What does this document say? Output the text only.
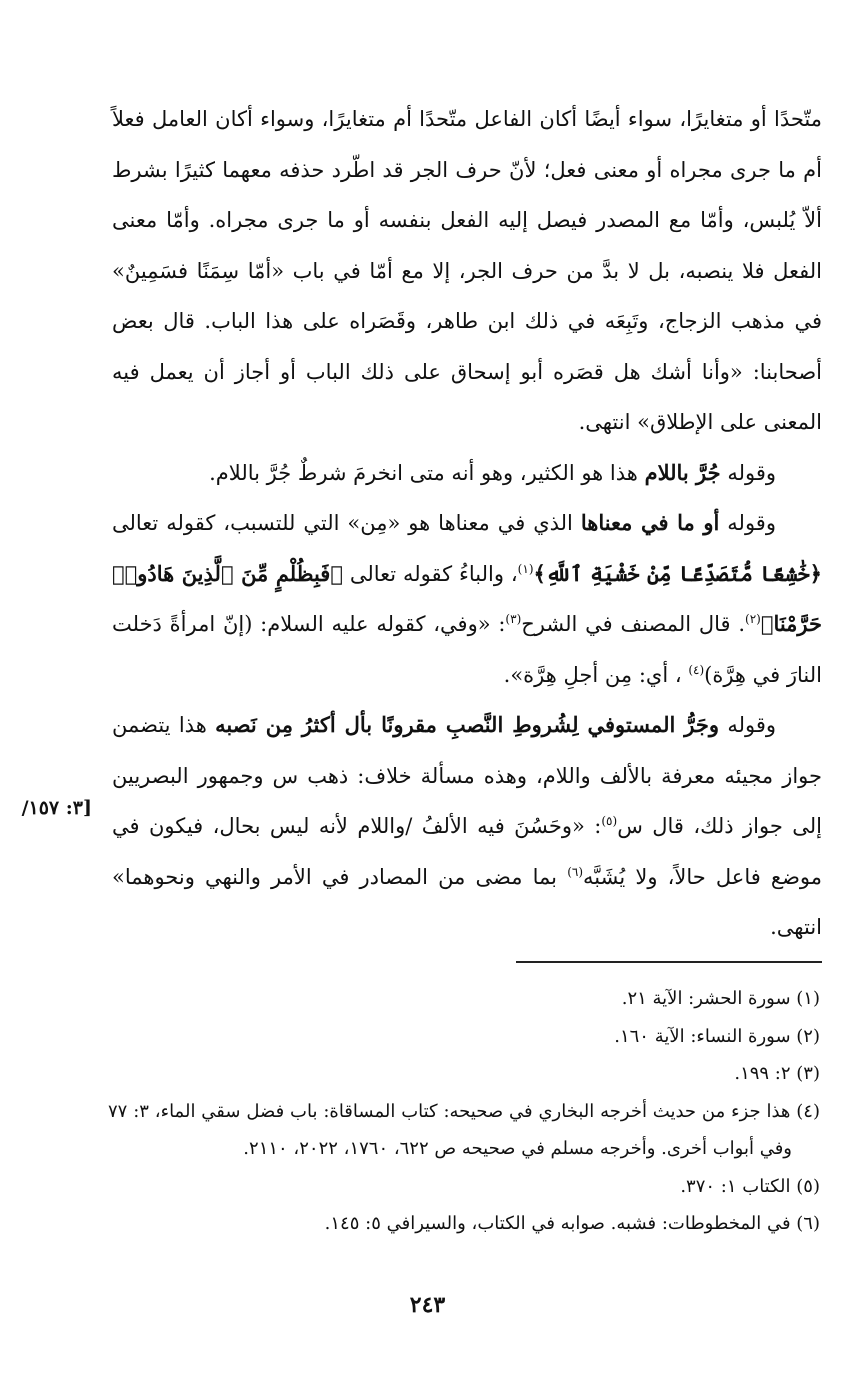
متّحدًا أو متغايرًا، سواء أيضًا أكان الفاعل متّحدًا أم متغايرًا، وسواء أكان العامل فعلاً أم ما جرى مجراه أو معنى فعل؛ لأنّ حرف الجر قد اطّرد حذفه معهما كثيرًا بشرط ألاّ يُلبس، وأمّا مع المصدر فيصل إليه الفعل بنفسه أو ما جرى مجراه. وأمّا معنى الفعل فلا ينصبه، بل لا بدَّ من حرف الجر، إلا مع أمّا في باب «أمّا سِمَنًا فسَمِينٌ» في مذهب الزجاج، وتَبِعَه في ذلك ابن طاهر، وقَصَراه على هذا الباب. قال بعض أصحابنا: «وأنا أشك هل قصَره أبو إسحاق على ذلك الباب أو أجاز أن يعمل فيه المعنى على الإطلاق» انتهى.

وقوله جُرَّ باللام هذا هو الكثير، وهو أنه متى انخرمَ شرطٌ جُرَّ باللام.

وقوله أو ما في معناها الذي في معناها هو «مِن» التي للتسبب، كقوله تعالى ﴿خَٰشِعًا مُّتَصَدِّعًا مِّنْ خَشْيَةِ ٱللَّهِ﴾$^{(١)}$، والباءُ كقوله تعالى ﴿فَبِظُلْمٍ مِّنَ ٱلَّذِينَ هَادُوا۟ حَرَّمْنَا﴾$^{(٢)}$. قال المصنف في الشرح$^{(٣)}$: «وفي، كقوله عليه السلام: (إنّ امرأةً دَخلت النارَ في هِرَّة)$^{(٤)}$ ، أي: مِن أجلِ هِرَّة».

وقوله وجَرُّ المستوفي لِشُروطِ النَّصبِ مقرونًا بأل أكثرُ مِن نَصبه هذا يتضمن جواز مجيئه معرفة بالألف واللام، وهذه مسألة خلاف: ذهب س وجمهور البصريين إلى جواز ذلك، قال س$^{(٥)}$: «وحَسُنَ فيه الألفُ /واللام لأنه ليس بحال، فيكون في موضع فاعل حالاً، ولا يُشَبَّه$^{(٦)}$ بما مضى من المصادر في الأمر والنهي ونحوهما» انتهى.

[٣: ١٥٧/

(١) سورة الحشر: الآية ٢١.

(٢) سورة النساء: الآية ١٦٠.

(٣) ٢: ١٩٩.

(٤) هذا جزء من حديث أخرجه البخاري في صحيحه: كتاب المساقاة: باب فضل سقي الماء، ٣: ٧٧ وفي أبواب أخرى. وأخرجه مسلم في صحيحه ص ٦٢٢، ١٧٦٠، ٢٠٢٢، ٢١١٠.

(٥) الكتاب ١: ٣٧٠.

(٦) في المخطوطات: فشبه. صوابه في الكتاب، والسيرافي ٥: ١٤٥.

٢٤٣
